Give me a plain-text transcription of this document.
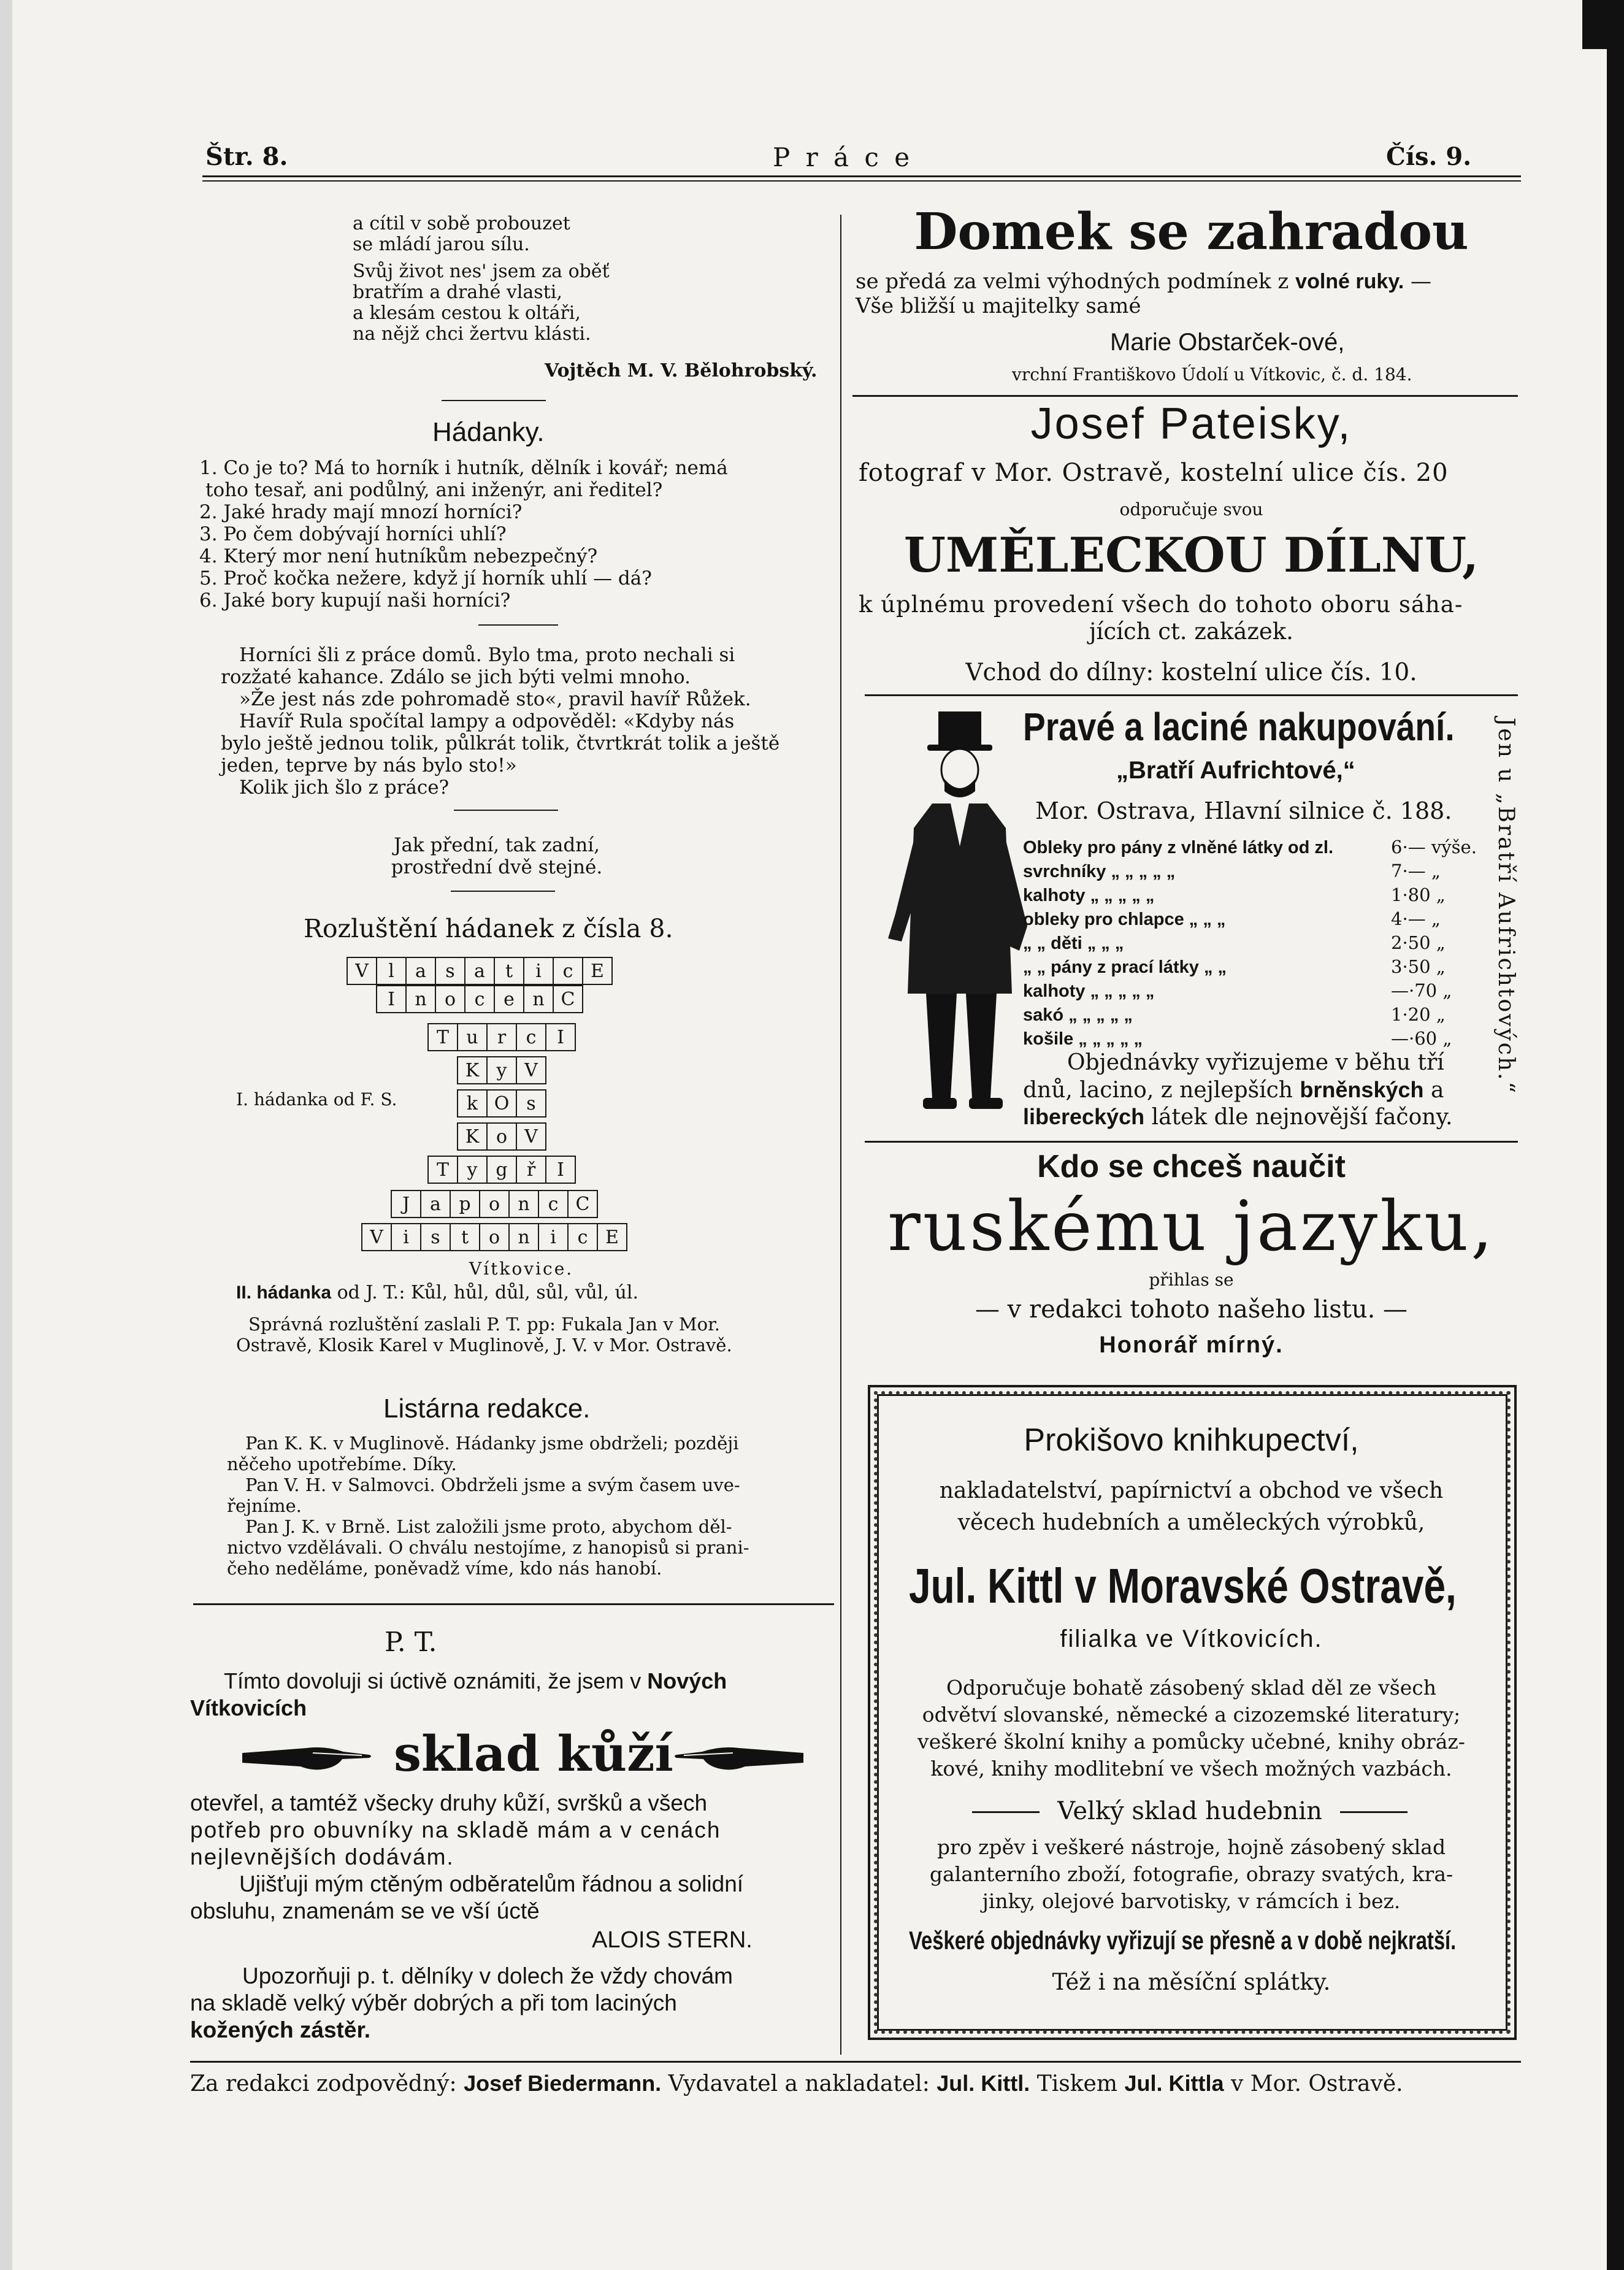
Štr. 8.	P r á c e	Čís. 9.

a cítil v sobě probouzet
se mládí jarou sílu.

Svůj život nes' jsem za oběť
bratřím a drahé vlasti,
a klesám cestou k oltáři,
na nějž chci žertvu klásti.

Vojtěch M. V. Bělohrobský.
Hádanky.
1. Co je to? Má to horník i hutník, dělník i kovář; nemá
toho tesař, ani podůlný, ani inženýr, ani ředitel?
2. Jaké hrady mají mnozí horníci?
3. Po čem dobývají horníci uhlí?
4. Který mor není hutníkům nebezpečný?
5. Proč kočka nežere, když jí horník uhlí — dá?
6. Jaké bory kupují naši horníci?
Horníci šli z práce domů. Bylo tma, proto nechali si
rozžaté kahance. Zdálo se jich býti velmi mnoho.
»Že jest nás zde pohromadě sto«, pravil havíř Růžek.
Havíř Rula spočítal lampy a odpověděl: «Kdyby nás
bylo ještě jednou tolik, půlkrát tolik, čtvrtkrát tolik a ještě
jeden, teprve by nás bylo sto!»
Kolik jich šlo z práce?
Jak přední, tak zadní,
prostřední dvě stejné.
Rozluštění hádanek z čísla 8.
V	l	a	s	a	t	i	c	E
I	n	o	c	e	n	C
T	u	r	c	I
K	y	V
k	O	s
K	o	V
T	y	g	ř	I
J	a	p	o	n	c	C
V	i	s	t	o	n	i	c	E
I. hádanka od F. S.
Vítkovice.
II. hádanka od J. T.: Kůl, hůl, důl, sůl, vůl, úl.
Správná rozluštění zaslali P. T. pp: Fukala Jan v Mor.
Ostravě, Klosik Karel v Muglinově, J. V. v Mor. Ostravě.
Listárna redakce.
Pan K. K. v Muglinově. Hádanky jsme obdrželi; později
něčeho upotřebíme. Díky.
Pan V. H. v Salmovci. Obdrželi jsme a svým časem uve-
řejníme.
Pan J. K. v Brně. List založili jsme proto, abychom děl-
nictvo vzdělávali. O chválu nestojíme, z hanopisů si prani-
čeho neděláme, poněvadž víme, kdo nás hanobí.
P. T.
Tímto dovoluji si úctivě oznámiti, že jsem v Nových
Vítkovicích
sklad kůží
otevřel, a tamtéž všecky druhy kůží, svršků a všech
potřeb pro obuvníky na skladě mám a v cenách
nejlevnějších dodávám.
Ujišťuji mým ctěným odběratelům řádnou a solidní
obsluhu, znamenám se ve vší úctě
ALOIS STERN.
Upozorňuji p. t. dělníky v dolech že vždy chovám
na skladě velký výběr dobrých a při tom laciných
kožených zástěr.
Domek se zahradou
se předá za velmi výhodných podmínek z volné ruky. —
Vše bližší u majitelky samé
Marie Obstarček-ové,
vrchní Františkovo Údolí u Vítkovic, č. d. 184.
Josef Pateisky,
fotograf v Mor. Ostravě, kostelní ulice čís. 20
odporučuje svou
UMĚLECKOU DÍLNU,
k úplnému provedení všech do tohoto oboru sáha-
jících ct. zakázek.
Vchod do dílny: kostelní ulice čís. 10.
Pravé a laciné nakupování.
„Bratří Aufrichtové,“
Mor. Ostrava, Hlavní silnice č. 188.
Obleky pro pány z vlněné látky od zl.	6·— výše.
svrchníky „ „ „ „ „	7·— „
kalhoty „ „ „ „ „	1·80 „
obleky pro chlapce „ „ „	4·— „
„ „ děti „ „ „	2·50 „
„ „ pány z prací látky „ „	3·50 „
kalhoty „ „ „ „ „	—·70 „
sakó „ „ „ „ „	1·20 „
košile „ „ „ „ „	—·60 „
Objednávky vyřizujeme v běhu tří
dnů, lacino, z nejlepších brněnských a
libereckých látek dle nejnovější fačony.
Jen u „Bratří Aufrichtových.“
Kdo se chceš naučit
ruskému jazyku,
přihlas se
— v redakci tohoto našeho listu. —
Honorář mírný.
Prokišovo knihkupectví,
nakladatelství, papírnictví a obchod ve všech
věcech hudebních a uměleckých výrobků,
Jul. Kittl v Moravské Ostravě,
filialka ve Vítkovicích.
Odporučuje bohatě zásobený sklad děl ze všech
odvětví slovanské, německé a cizozemské literatury;
veškeré školní knihy a pomůcky učebné, knihy obráz-
kové, knihy modlitební ve všech možných vazbách.
Velký sklad hudebnin
pro zpěv i veškeré nástroje, hojně zásobený sklad
galanterního zboží, fotografie, obrazy svatých, kra-
jinky, olejové barvotisky, v rámcích i bez.
Veškeré objednávky vyřizují se přesně a v době nejkratší.
Též i na měsíční splátky.
Za redakci zodpovědný: Josef Biedermann. Vydavatel a nakladatel: Jul. Kittl. Tiskem Jul. Kittla v Mor. Ostravě.
